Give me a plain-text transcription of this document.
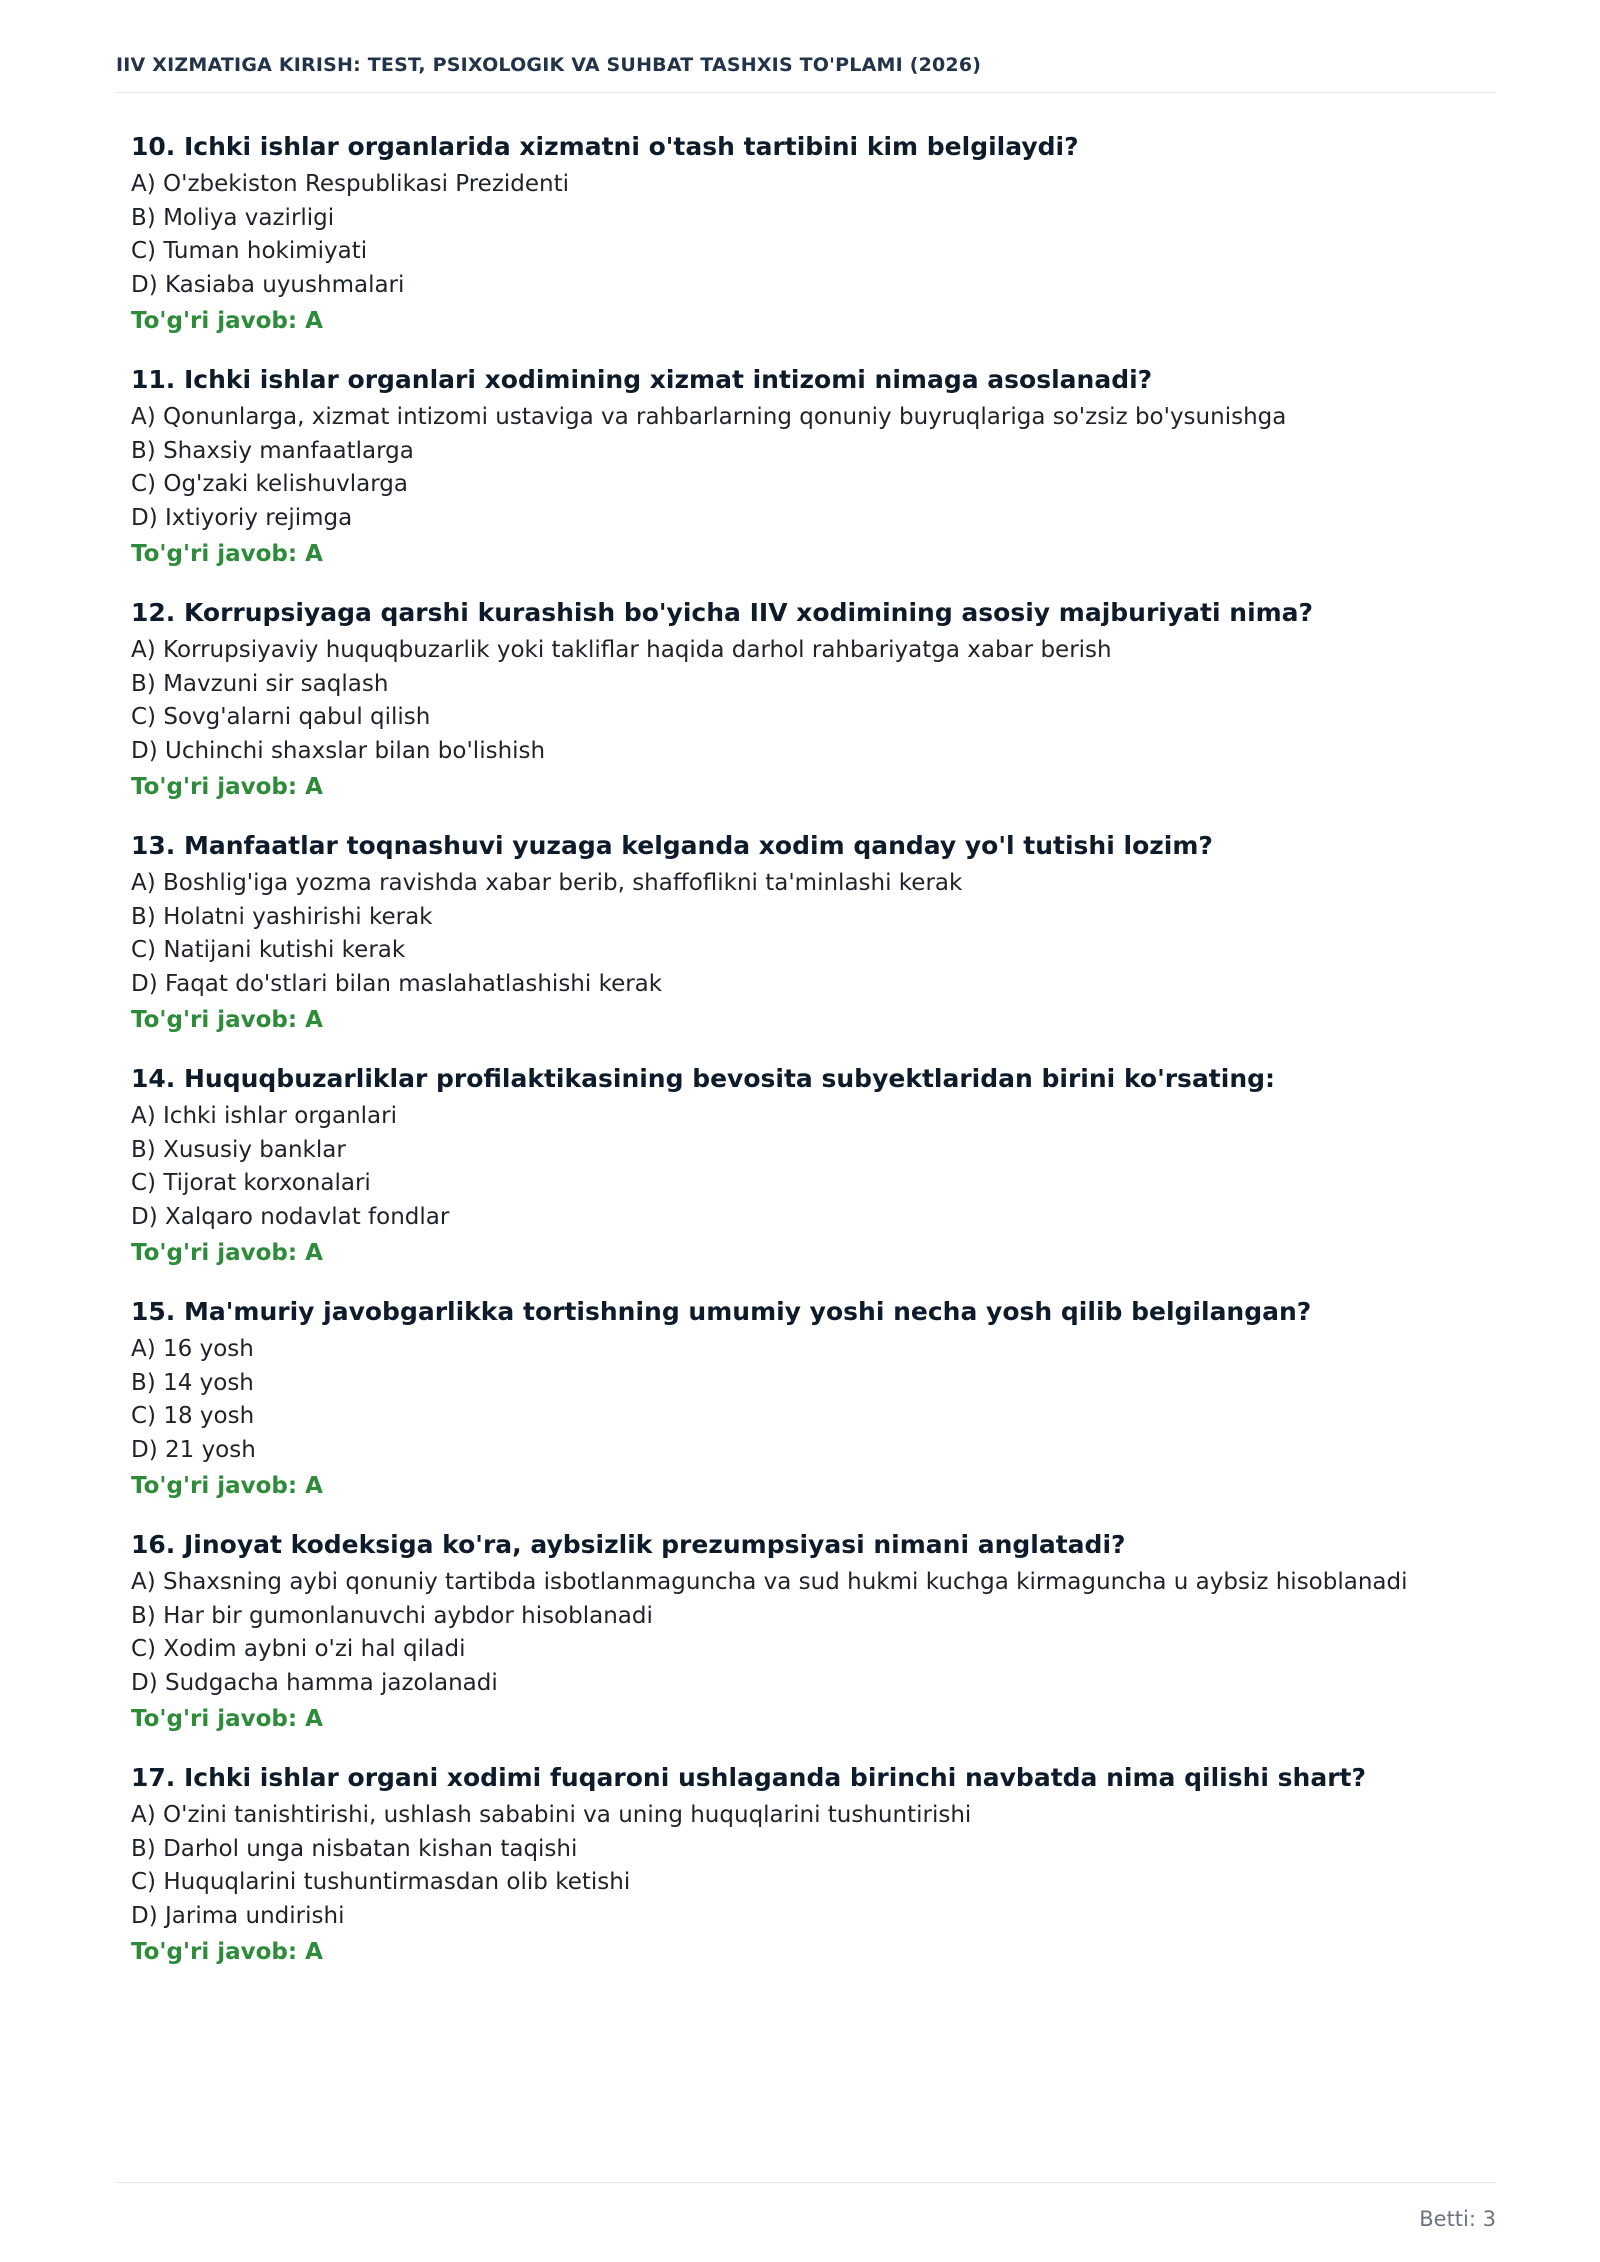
IIV XIZMATIGA KIRISH: TEST, PSIXOLOGIK VA SUHBAT TASHXIS TO'PLAMI (2026)
10. Ichki ishlar organlarida xizmatni o'tash tartibini kim belgilaydi?
A) O'zbekiston Respublikasi Prezidenti
B) Moliya vazirligi
C) Tuman hokimiyati
D) Kasiaba uyushmalari
To'g'ri javob: A
11. Ichki ishlar organlari xodimining xizmat intizomi nimaga asoslanadi?
A) Qonunlarga, xizmat intizomi ustaviga va rahbarlarning qonuniy buyruqlariga so'zsiz bo'ysunishga
B) Shaxsiy manfaatlarga
C) Og'zaki kelishuvlarga
D) Ixtiyoriy rejimga
To'g'ri javob: A
12. Korrupsiyaga qarshi kurashish bo'yicha IIV xodimining asosiy majburiyati nima?
A) Korrupsiyaviy huquqbuzarlik yoki takliflar haqida darhol rahbariyatga xabar berish
B) Mavzuni sir saqlash
C) Sovg'alarni qabul qilish
D) Uchinchi shaxslar bilan bo'lishish
To'g'ri javob: A
13. Manfaatlar toqnashuvi yuzaga kelganda xodim qanday yo'l tutishi lozim?
A) Boshlig'iga yozma ravishda xabar berib, shaffoflikni ta'minlashi kerak
B) Holatni yashirishi kerak
C) Natijani kutishi kerak
D) Faqat do'stlari bilan maslahatlashishi kerak
To'g'ri javob: A
14. Huquqbuzarliklar profilaktikasining bevosita subyektlaridan birini ko'rsating:
A) Ichki ishlar organlari
B) Xususiy banklar
C) Tijorat korxonalari
D) Xalqaro nodavlat fondlar
To'g'ri javob: A
15. Ma'muriy javobgarlikka tortishning umumiy yoshi necha yosh qilib belgilangan?
A) 16 yosh
B) 14 yosh
C) 18 yosh
D) 21 yosh
To'g'ri javob: A
16. Jinoyat kodeksiga ko'ra, aybsizlik prezumpsiyasi nimani anglatadi?
A) Shaxsning aybi qonuniy tartibda isbotlanmaguncha va sud hukmi kuchga kirmaguncha u aybsiz hisoblanadi
B) Har bir gumonlanuvchi aybdor hisoblanadi
C) Xodim aybni o'zi hal qiladi
D) Sudgacha hamma jazolanadi
To'g'ri javob: A
17. Ichki ishlar organi xodimi fuqaroni ushlaganda birinchi navbatda nima qilishi shart?
A) O'zini tanishtirishi, ushlash sababini va uning huquqlarini tushuntirishi
B) Darhol unga nisbatan kishan taqishi
C) Huquqlarini tushuntirmasdan olib ketishi
D) Jarima undirishi
To'g'ri javob: A
Betti: 3
